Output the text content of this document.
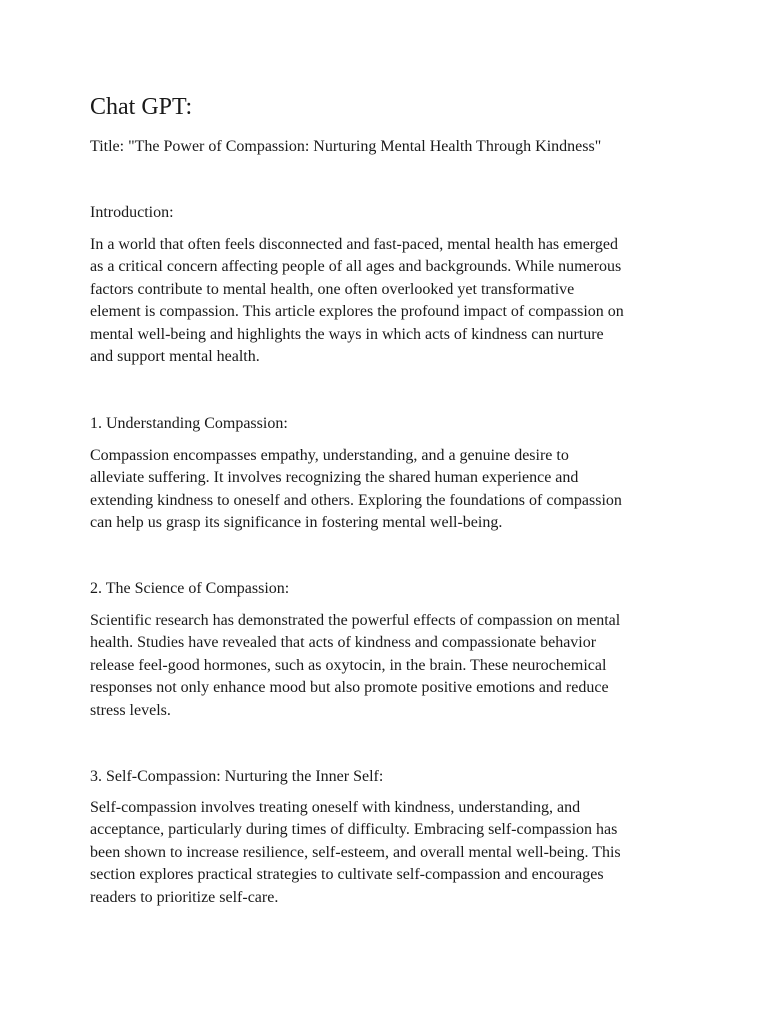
Chat GPT:

Title: "The Power of Compassion: Nurturing Mental Health Through Kindness"

Introduction:

In a world that often feels disconnected and fast-paced, mental health has emerged
as a critical concern affecting people of all ages and backgrounds. While numerous
factors contribute to mental health, one often overlooked yet transformative
element is compassion. This article explores the profound impact of compassion on
mental well-being and highlights the ways in which acts of kindness can nurture
and support mental health.

1. Understanding Compassion:

Compassion encompasses empathy, understanding, and a genuine desire to
alleviate suffering. It involves recognizing the shared human experience and
extending kindness to oneself and others. Exploring the foundations of compassion
can help us grasp its significance in fostering mental well-being.

2. The Science of Compassion:

Scientific research has demonstrated the powerful effects of compassion on mental
health. Studies have revealed that acts of kindness and compassionate behavior
release feel-good hormones, such as oxytocin, in the brain. These neurochemical
responses not only enhance mood but also promote positive emotions and reduce
stress levels.

3. Self-Compassion: Nurturing the Inner Self:

Self-compassion involves treating oneself with kindness, understanding, and
acceptance, particularly during times of difficulty. Embracing self-compassion has
been shown to increase resilience, self-esteem, and overall mental well-being. This
section explores practical strategies to cultivate self-compassion and encourages
readers to prioritize self-care.
